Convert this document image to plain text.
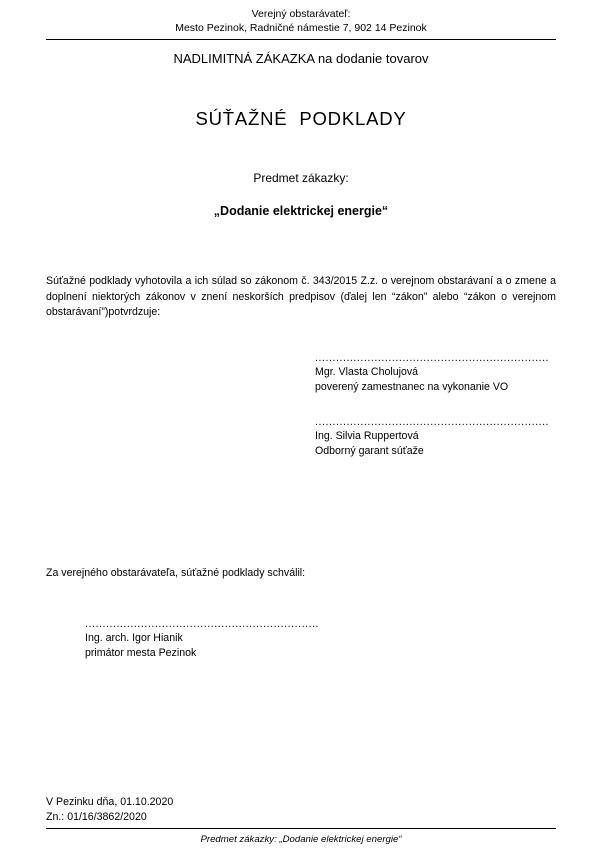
Verejný obstarávateľ:
Mesto Pezinok, Radničné námestie 7, 902 14 Pezinok
NADLIMITNÁ ZÁKAZKA na dodanie tovarov
SÚŤAŽNÉ PODKLADY
Predmet zákazky:
„Dodanie elektrickej energie“
Súťažné podklady vyhotovila a ich súlad so zákonom č. 343/2015 Z.z. o verejnom obstarávaní a o zmene a doplnení niektorých zákonov v znení neskorších predpisov (ďalej len “zákon” alebo “zákon o verejnom obstarávaní”)potvrdzuje:
...................................................................
Mgr. Vlasta Cholujová
poverený zamestnanec na vykonanie VO
...................................................................
Ing. Silvia Ruppertová
Odborný garant súťaže
Za verejného obstarávateľa, súťažné podklady schválil:
...................................................................
Ing. arch. Igor Hianik
primátor mesta Pezinok
V Pezinku dňa, 01.10.2020
Zn.: 01/16/3862/2020
Predmet zákazky: „Dodanie elektrickej energie“
